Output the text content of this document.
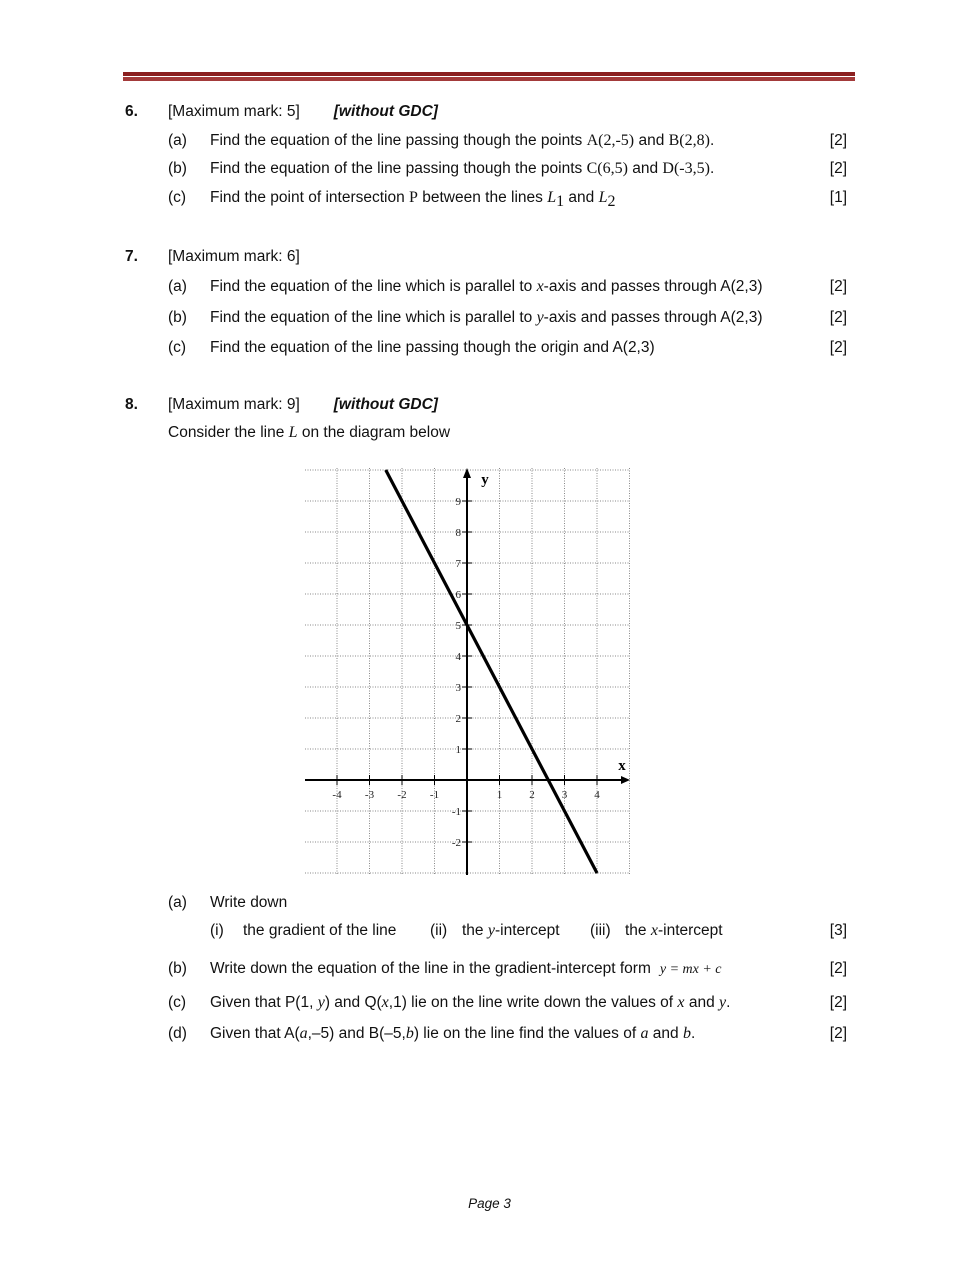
6. [Maximum mark: 5] [without GDC]
(a) Find the equation of the line passing though the points A(2,-5) and B(2,8).	[2]
(b) Find the equation of the line passing though the points C(6,5) and D(-3,5).	[2]
(c) Find the point of intersection P between the lines $L_1$ and $L_2$	[1]
7. [Maximum mark: 6]
(a) Find the equation of the line which is parallel to x-axis and passes through A(2,3)	[2]
(b) Find the equation of the line which is parallel to y-axis and passes through A(2,3)	[2]
(c) Find the equation of the line passing though the origin and A(2,3)	[2]
8. [Maximum mark: 9] [without GDC]
Consider the line L on the diagram below
-4 -3 -2 -1	1 2 3 4
9
8
7
6
5
4
3
2
1
-1
-2
x
y
(a) Write down
(i) the gradient of the line (ii) the y-intercept (iii) the x-intercept	[3]
(b) Write down the equation of the line in the gradient-intercept form y = mx + c	[2]
(c) Given that P(1, y) and Q(x,1) lie on the line write down the values of x and y.	[2]
(d) Given that A(a,–5) and B(–5,b) lie on the line find the values of a and b.	[2]
Page 3
